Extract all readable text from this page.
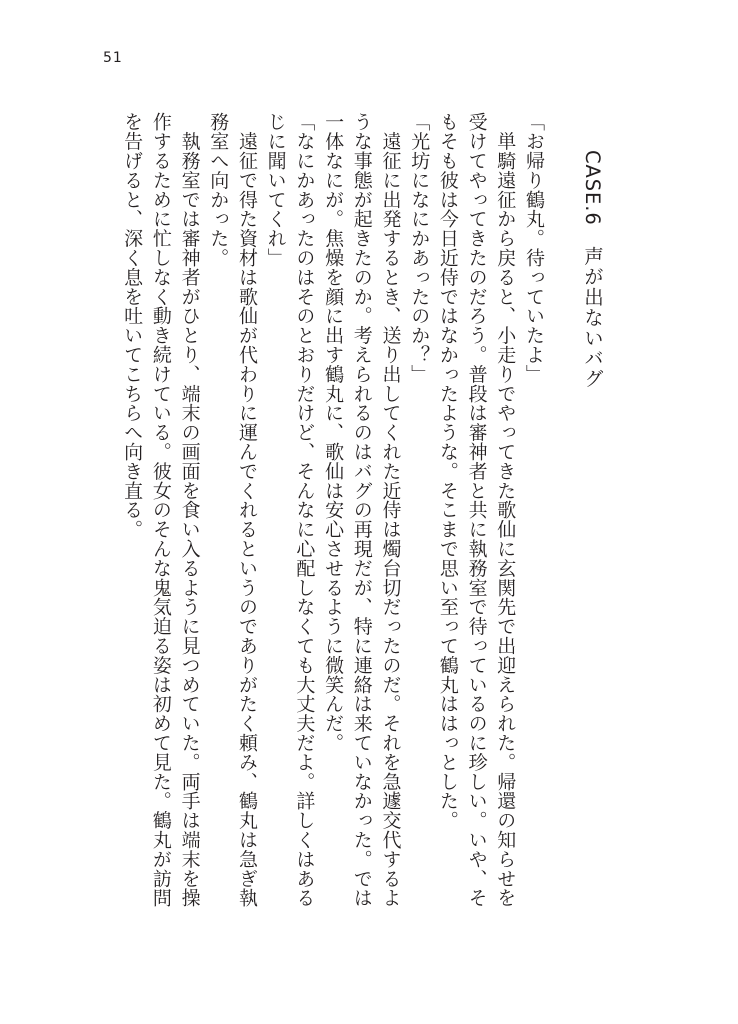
51
CASE.6　声が出ないバグ

「お帰り鶴丸。待っていたよ」

　単騎遠征から戻ると、小走りでやってきた歌仙に玄関先で出迎えられた。帰還の知らせを

受けてやってきたのだろう。普段は審神者と共に執務室で待っているのに珍しい。いや、そ

もそも彼は今日近侍ではなかったような。そこまで思い至って鶴丸ははっとした。

「光坊になにかあったのか？」

　遠征に出発するとき、送り出してくれた近侍は燭台切だったのだ。それを急遽交代するよ

うな事態が起きたのか。考えられるのはバグの再現だが、特に連絡は来ていなかった。では

一体なにが。焦燥を顔に出す鶴丸に、歌仙は安心させるように微笑んだ。

「なにかあったのはそのとおりだけど、そんなに心配しなくても大丈夫だよ。詳しくはある

じに聞いてくれ」

　遠征で得た資材は歌仙が代わりに運んでくれるというのでありがたく頼み、鶴丸は急ぎ執

務室へ向かった。

　執務室では審神者がひとり、端末の画面を食い入るように見つめていた。両手は端末を操

作するために忙しなく動き続けている。彼女のそんな鬼気迫る姿は初めて見た。鶴丸が訪問

を告げると、深く息を吐いてこちらへ向き直る。
